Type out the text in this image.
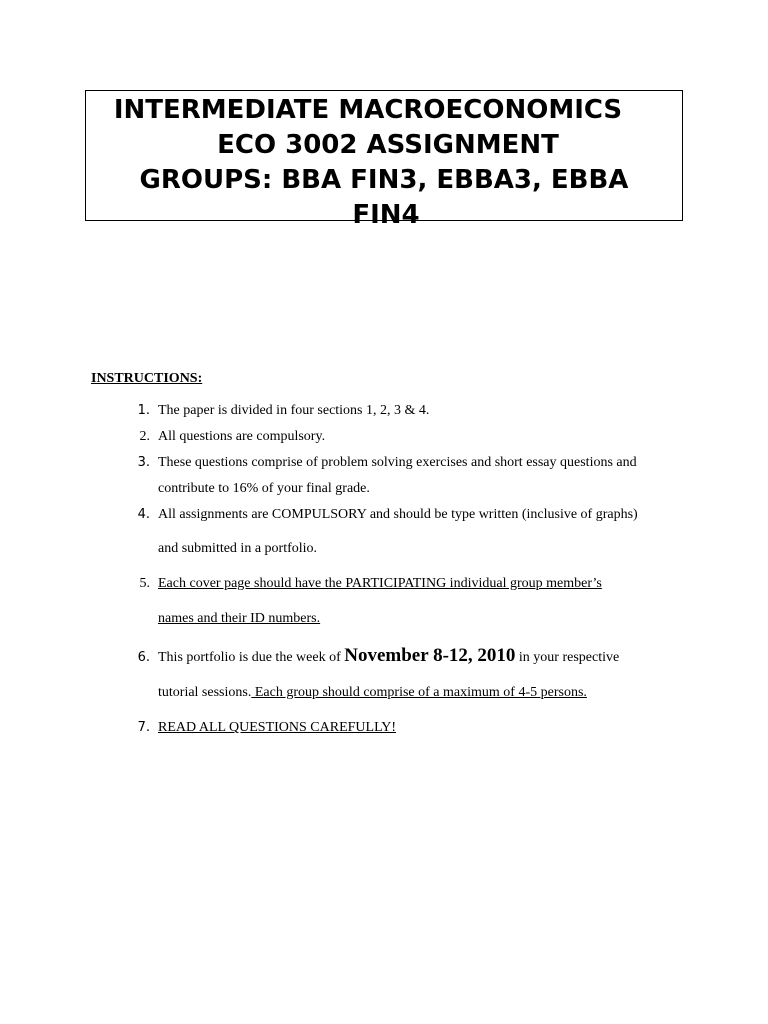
INTERMEDIATE MACROECONOMICS
ECO 3002 ASSIGNMENT
GROUPS: BBA FIN3, EBBA3, EBBA
FIN4

INSTRUCTIONS:

1. The paper is divided in four sections 1, 2, 3 & 4.
2. All questions are compulsory.
3. These questions comprise of problem solving exercises and short essay questions and
contribute to 16% of your final grade.
4. All assignments are COMPULSORY and should be type written (inclusive of graphs)
and submitted in a portfolio.
5. Each cover page should have the PARTICIPATING individual group member’s
names and their ID numbers.
6. This portfolio is due the week of November 8-12, 2010 in your respective
tutorial sessions. Each group should comprise of a maximum of 4-5 persons.
7. READ ALL QUESTIONS CAREFULLY!
